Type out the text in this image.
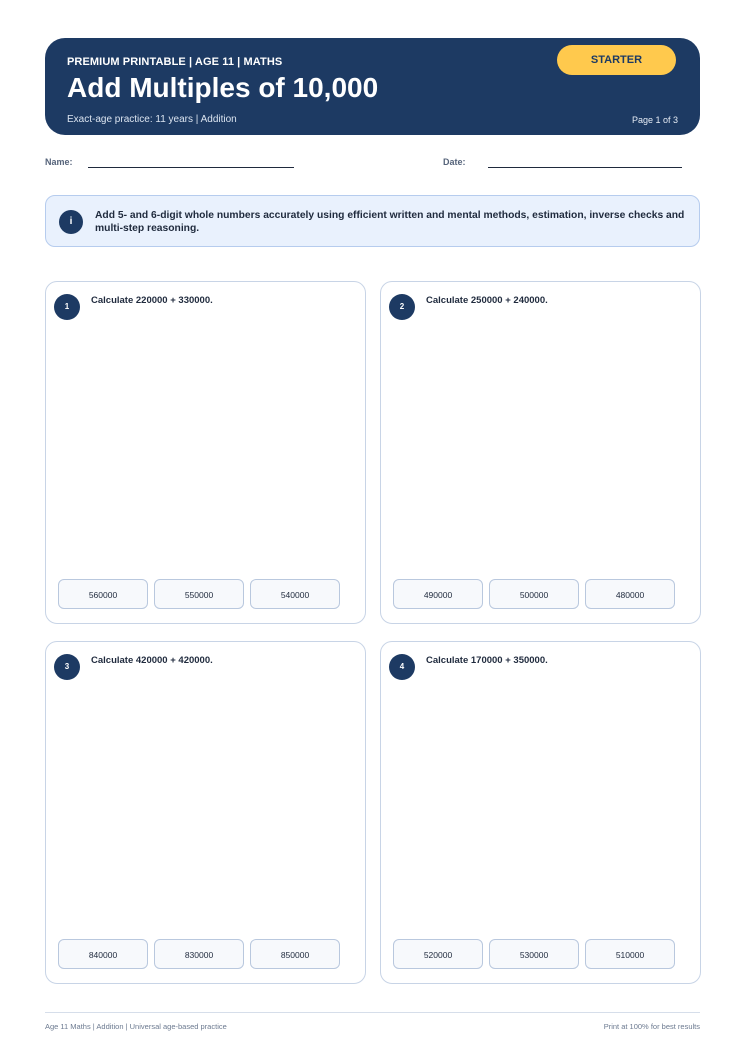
PREMIUM PRINTABLE | AGE 11 | MATHS
Add Multiples of 10,000
Exact-age practice: 11 years | Addition	Page 1 of 3
STARTER
Name:	Date:
i
Add 5- and 6-digit whole numbers accurately using efficient written and mental methods, estimation, inverse checks and multi-step reasoning.
1
Calculate 220000 + 330000.
560000	550000	540000
2
Calculate 250000 + 240000.
490000	500000	480000
3
Calculate 420000 + 420000.
840000	830000	850000
4
Calculate 170000 + 350000.
520000	530000	510000
Age 11 Maths | Addition | Universal age-based practice	Print at 100% for best results
